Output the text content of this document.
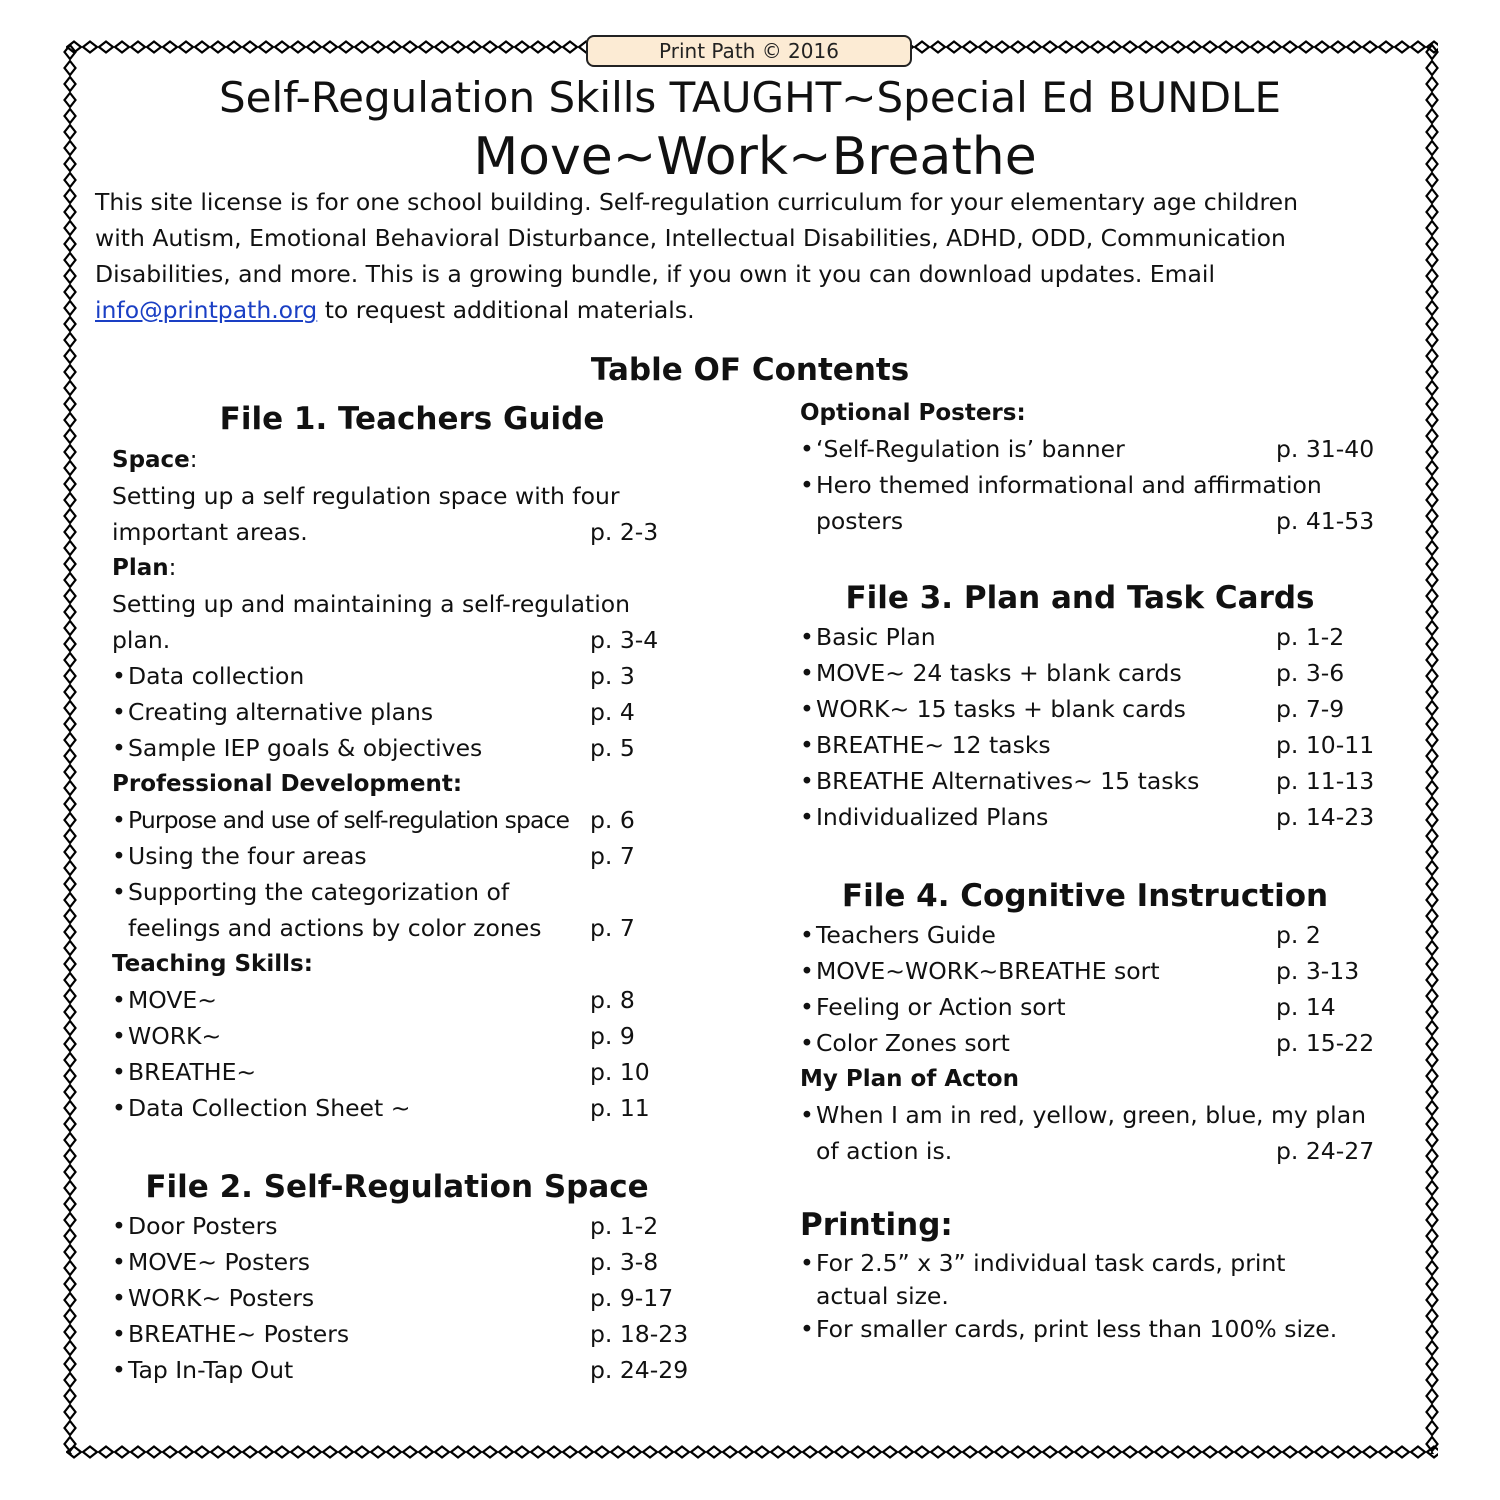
Print Path © 2016
Self-Regulation Skills TAUGHT~Special Ed BUNDLE
Move~Work~Breathe
This site license is for one school building. Self-regulation curriculum for your elementary age children
with Autism, Emotional Behavioral Disturbance, Intellectual Disabilities, ADHD, ODD, Communication
Disabilities, and more. This is a growing bundle, if you own it you can download updates. Email
info@printpath.org to request additional materials.
Table OF Contents
File 1. Teachers Guide
Space:
Setting up a self regulation space with four
important areas.	p. 2-3
Plan:
Setting up and maintaining a self-regulation
plan.	p. 3-4
• Data collection	p. 3
• Creating alternative plans	p. 4
• Sample IEP goals & objectives	p. 5
Professional Development:
• Purpose and use of self-regulation space p. 6
• Using the four areas	p. 7
• Supporting the categorization of
feelings and actions by color zones	p. 7
Teaching Skills:
• MOVE~	p. 8
• WORK~	p. 9
• BREATHE~	p. 10
• Data Collection Sheet ~	p. 11
File 2. Self-Regulation Space
• Door Posters	p. 1-2
• MOVE~ Posters	p. 3-8
• WORK~ Posters	p. 9-17
• BREATHE~ Posters	p. 18-23
• Tap In-Tap Out	p. 24-29
Optional Posters:
• ‘Self-Regulation is’ banner	p. 31-40
• Hero themed informational and affirmation
posters	p. 41-53
File 3. Plan and Task Cards
• Basic Plan	p. 1-2
• MOVE~ 24 tasks + blank cards	p. 3-6
• WORK~ 15 tasks + blank cards	p. 7-9
• BREATHE~ 12 tasks	p. 10-11
• BREATHE Alternatives~ 15 tasks	p. 11-13
• Individualized Plans	p. 14-23
File 4. Cognitive Instruction
• Teachers Guide	p. 2
• MOVE~WORK~BREATHE sort	p. 3-13
• Feeling or Action sort	p. 14
• Color Zones sort	p. 15-22
My Plan of Acton
• When I am in red, yellow, green, blue, my plan
of action is.	p. 24-27
Printing:
•For 2.5” x 3” individual task cards, print
actual size.
•For smaller cards, print less than 100% size.
